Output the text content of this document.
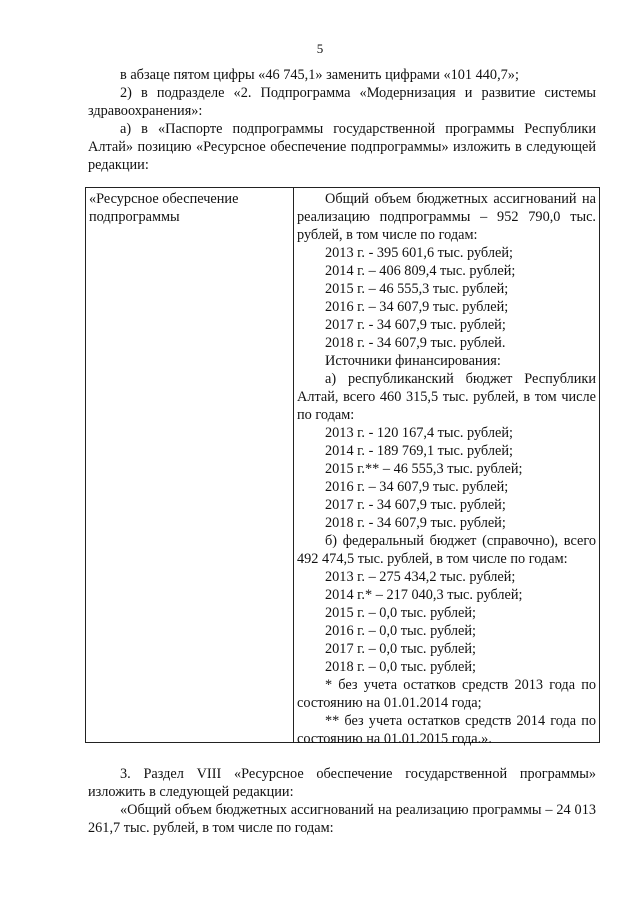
5

в абзаце пятом цифры «46 745,1» заменить цифрами «101 440,7»;

2) в подразделе «2. Подпрограмма «Модернизация и развитие системы здравоохранения»:

а) в «Паспорте подпрограммы государственной программы Республики Алтай» позицию «Ресурсное обеспечение подпрограммы» изложить в следующей редакции:

«Ресурсное обеспечение подпрограммы

Общий объем бюджетных ассигнований на реализацию подпрограммы – 952 790,0 тыс. рублей, в том числе по годам:

2013 г. - 395 601,6 тыс. рублей;

2014 г. – 406 809,4 тыс. рублей;

2015 г. – 46 555,3 тыс. рублей;

2016 г. – 34 607,9 тыс. рублей;

2017 г. - 34 607,9 тыс. рублей;

2018 г. - 34 607,9 тыс. рублей.

Источники финансирования:

а) республиканский бюджет Республики Алтай, всего 460 315,5 тыс. рублей, в том числе по годам:

2013 г. - 120 167,4 тыс. рублей;

2014 г. - 189 769,1 тыс. рублей;

2015 г.** – 46 555,3 тыс. рублей;

2016 г. – 34 607,9 тыс. рублей;

2017 г. - 34 607,9 тыс. рублей;

2018 г. - 34 607,9 тыс. рублей;

б) федеральный бюджет (справочно), всего 492 474,5 тыс. рублей, в том числе по годам:

2013 г. – 275 434,2 тыс. рублей;

2014 г.* – 217 040,3 тыс. рублей;

2015 г. – 0,0 тыс. рублей;

2016 г. – 0,0 тыс. рублей;

2017 г. – 0,0 тыс. рублей;

2018 г. – 0,0 тыс. рублей;

* без учета остатков средств 2013 года по состоянию на 01.01.2014 года;

** без учета остатков средств 2014 года по состоянию на 01.01.2015 года.».

3. Раздел VIII «Ресурсное обеспечение государственной программы» изложить в следующей редакции:

«Общий объем бюджетных ассигнований на реализацию программы – 24 013 261,7 тыс. рублей, в том числе по годам:
